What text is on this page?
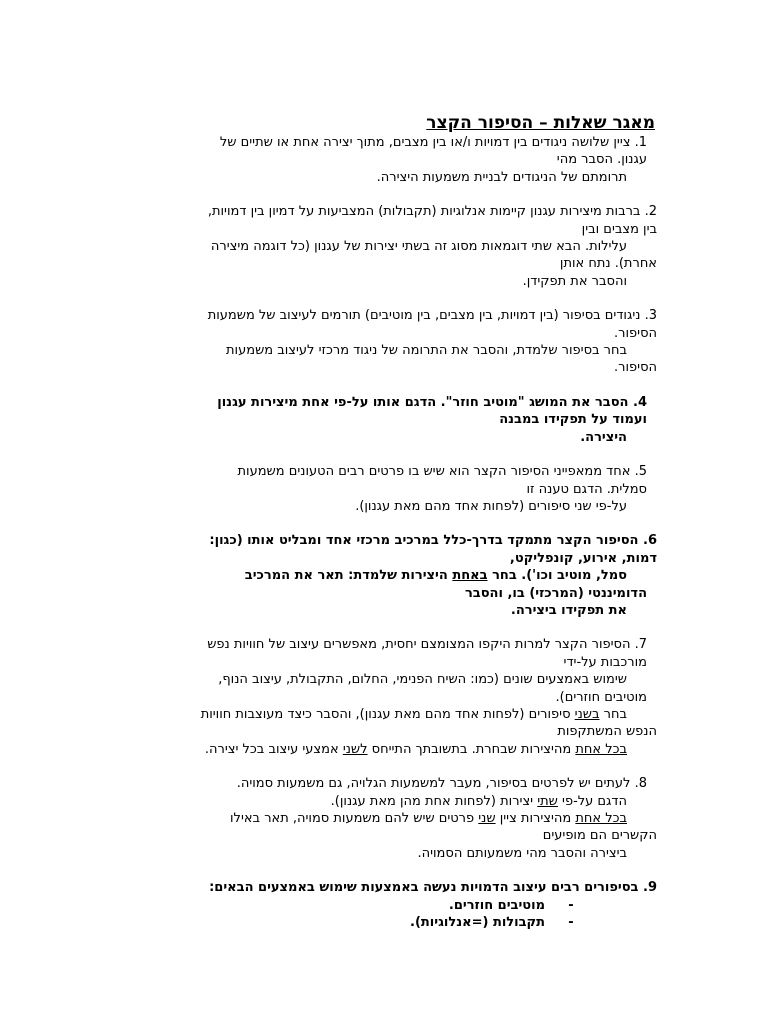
מאגר שאלות – הסיפור הקצר
1. ציין שלושה ניגודים בין דמויות ו/או בין מצבים, מתוך יצירה אחת או שתיים של
עגנון. הסבר מהי
תרומתם של הניגודים לבניית משמעות היצירה.
2. ברבות מיצירות עגנון קיימות אנלוגיות (תקבולות) המצביעות על דמיון בין דמויות,
בין מצבים ובין
עלילות. הבא שתי דוגמאות מסוג זה בשתי יצירות של עגנון (כל דוגמה מיצירה
אחרת). נתח אותן
והסבר את תפקידן.
3. ניגודים בסיפור (בין דמויות, בין מצבים, בין מוטיבים) תורמים לעיצוב של משמעות
הסיפור.
בחר בסיפור שלמדת, והסבר את התרומה של ניגוד מרכזי לעיצוב משמעות
הסיפור.
4. הסבר את המושג "מוטיב חוזר". הדגם אותו על-פי אחת מיצירות עגנון
ועמוד על תפקידו במבנה
היצירה.
5. אחד ממאפייני הסיפור הקצר הוא שיש בו פרטים רבים הטעונים משמעות
סמלית. הדגם טענה זו
על-פי שני סיפורים (לפחות אחד מהם מאת עגנון).
6. הסיפור הקצר מתמקד בדרך-כלל במרכיב מרכזי אחד ומבליט אותו (כגון:
דמות, אירוע, קונפליקט,
סמל, מוטיב וכו'). בחר באחת היצירות שלמדת: תאר את המרכיב
הדומיננטי (המרכזי) בו, והסבר
את תפקידו ביצירה.
7. הסיפור הקצר למרות היקפו המצומצם יחסית, מאפשרים עיצוב של חוויות נפש
מורכבות על-ידי
שימוש באמצעים שונים (כמו: השיח הפנימי, החלום, התקבולת, עיצוב הנוף,
מוטיבים חוזרים).
בחר בשני סיפורים (לפחות אחד מהם מאת עגנון), והסבר כיצד מעוצבות חוויות
הנפש המשתקפות
בכל אחת מהיצירות שבחרת. בתשובתך התייחס לשני אמצעי עיצוב בכל יצירה.
8. לעתים יש לפרטים בסיפור, מעבר למשמעות הגלויה, גם משמעות סמויה.
הדגם על-פי שתי יצירות (לפחות אחת מהן מאת עגנון).
בכל אחת מהיצירות ציין שני פרטים שיש להם משמעות סמויה, תאר באילו
הקשרים הם מופיעים
ביצירה והסבר מהי משמעותם הסמויה.
9. בסיפורים רבים עיצוב הדמויות נעשה באמצעות שימוש באמצעים הבאים:
-מוטיבים חוזרים.
-תקבולות (=אנלוגיות).
